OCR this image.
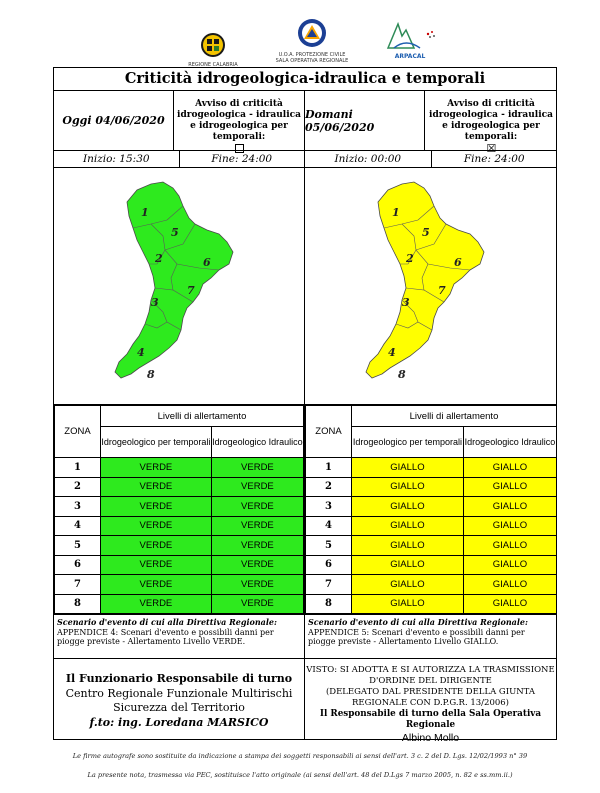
REGIONE CALABRIA
U.O.A. PROTEZIONE CIVILE
SALA OPERATIVA REGIONALE
ARPACAL
Criticità idrogeologica-idraulica e temporali
Oggi 04/06/2020
Avviso di criticità idrogeologica - idraulica e idrogeologica per temporali:
Inizio: 15:30	Fine: 24:00
1
2
3
4
5
6
7
8
ZONA	Livelli di allertamento	
	Idrogeologico per temporali	Idrogeologico Idraulico
1	VERDE	VERDE
2	VERDE	VERDE
3	VERDE	VERDE
4	VERDE	VERDE
5	VERDE	VERDE
6	VERDE	VERDE
7	VERDE	VERDE
8	VERDE	VERDE
Scenario d'evento di cui alla Direttiva Regionale:
APPENDICE 4: Scenari d'evento e possibili danni per piogge previste - Allertamento Livello VERDE.
Domani 05/06/2020
Avviso di criticità idrogeologica - idraulica e idrogeologica per temporali:
☒
Inizio: 00:00	Fine: 24:00
1
2
3
4
5
6
7
8
ZONA	Livelli di allertamento	
	Idrogeologico per temporali	Idrogeologico Idraulico
1	GIALLO	GIALLO
2	GIALLO	GIALLO
3	GIALLO	GIALLO
4	GIALLO	GIALLO
5	GIALLO	GIALLO
6	GIALLO	GIALLO
7	GIALLO	GIALLO
8	GIALLO	GIALLO
Scenario d'evento di cui alla Direttiva Regionale:
APPENDICE 5: Scenari d'evento e possibili danni per piogge previste - Allertamento Livello GIALLO.
Il Funzionario Responsabile di turno
Centro Regionale Funzionale Multirischi
Sicurezza del Territorio
f.to: ing. Loredana MARSICO
VISTO: SI ADOTTA E SI AUTORIZZA LA TRASMISSIONE
D'ORDINE DEL DIRIGENTE
(DELEGATO DAL PRESIDENTE DELLA GIUNTA
REGIONALE CON D.P.G.R. 13/2006)
Il Responsabile di turno della Sala Operativa Regionale
Albino Mollo
Le firme autografe sono sostituite da indicazione a stampa dei soggetti responsabili ai sensi dell'art. 3 c. 2 del D. Lgs. 12/02/1993 n° 39
La presente nota, trasmessa via PEC, sostituisce l'atto originale (ai sensi dell'art. 48 del D.Lgs 7 marzo 2005, n. 82 e ss.mm.ii.)
